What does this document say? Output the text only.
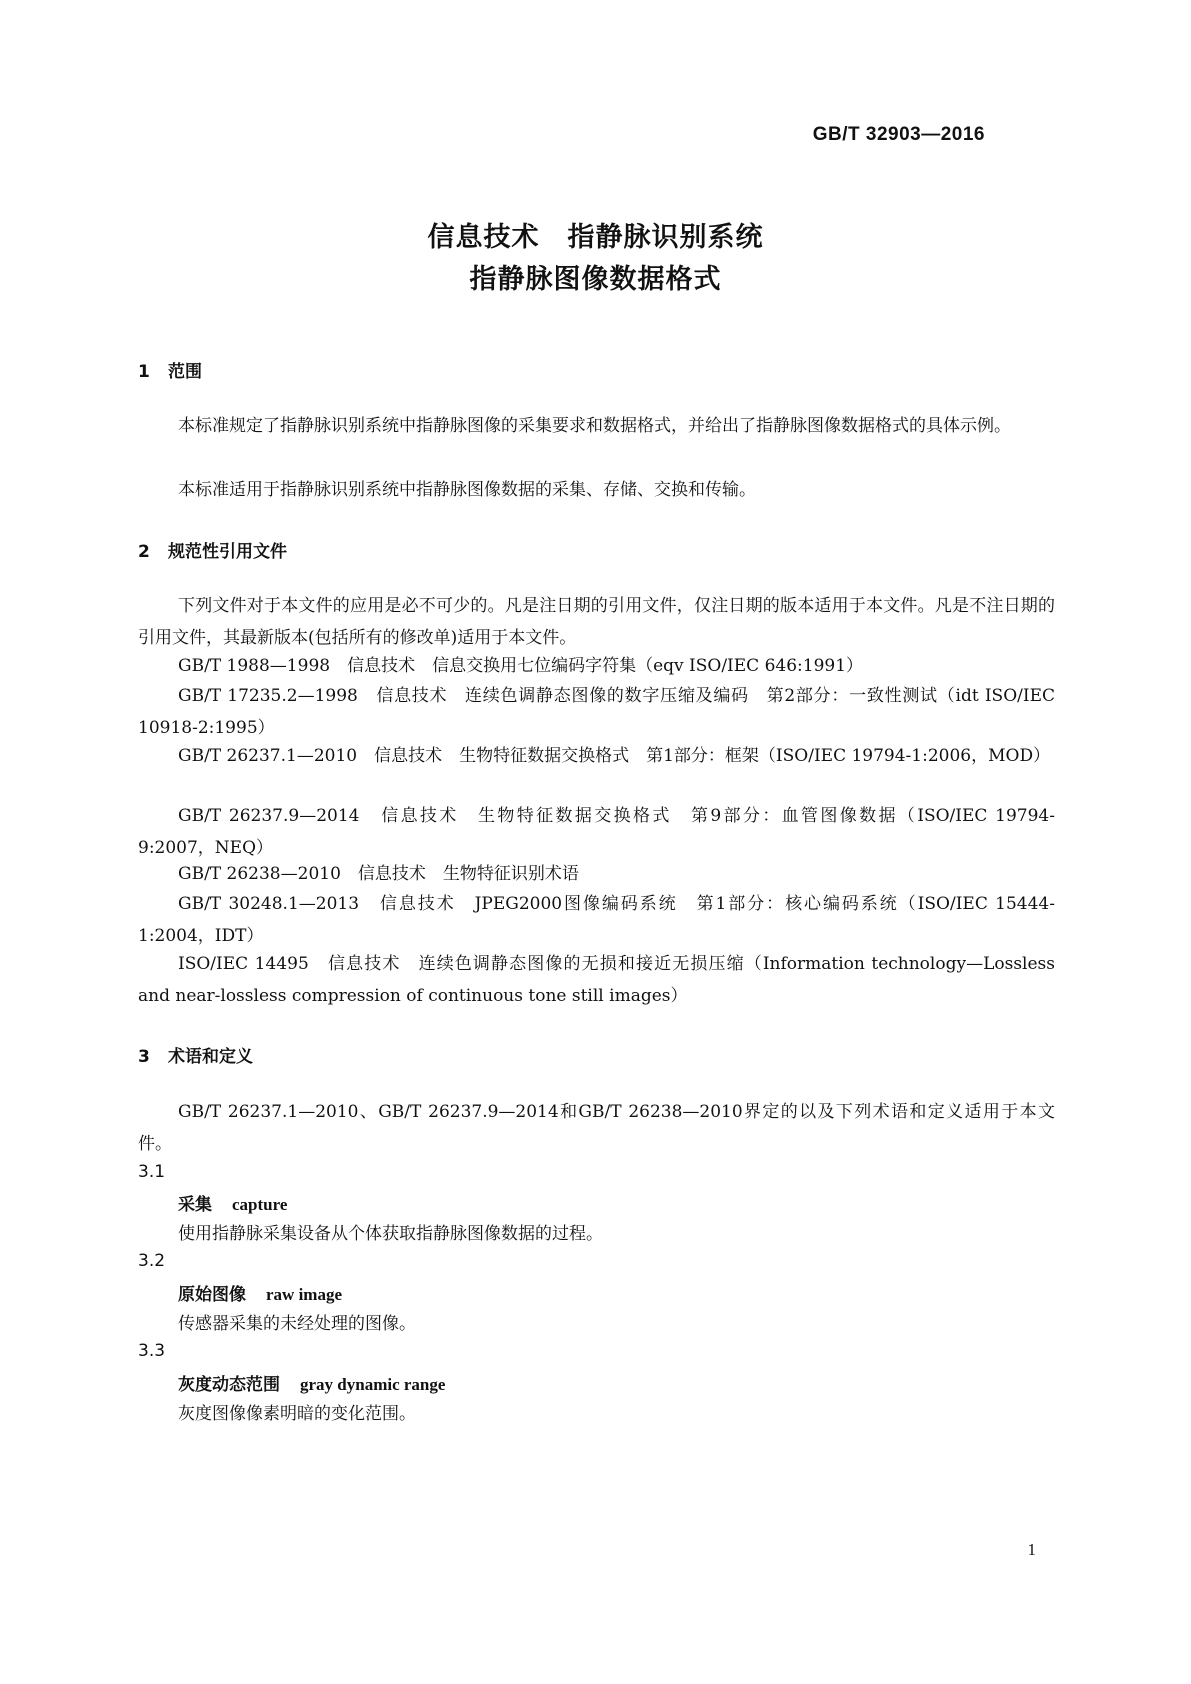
GB/T 32903—2016
信息技术　指静脉识别系统
指静脉图像数据格式
1 范围
本标准规定了指静脉识别系统中指静脉图像的采集要求和数据格式，并给出了指静脉图像数据格式的具体示例。
本标准适用于指静脉识别系统中指静脉图像数据的采集、存储、交换和传输。
2 规范性引用文件
下列文件对于本文件的应用是必不可少的。凡是注日期的引用文件，仅注日期的版本适用于本文件。凡是不注日期的引用文件，其最新版本(包括所有的修改单)适用于本文件。
GB/T 1988—1998　信息技术　信息交换用七位编码字符集（eqv ISO/IEC 646:1991）
GB/T 17235.2—1998　信息技术　连续色调静态图像的数字压缩及编码　第2部分：一致性测试（idt ISO/IEC 10918-2:1995）
GB/T 26237.1—2010　信息技术　生物特征数据交换格式　第1部分：框架（ISO/IEC 19794-1:2006，MOD）
GB/T 26237.9—2014　信息技术　生物特征数据交换格式　第9部分：血管图像数据（ISO/IEC 19794-9:2007，NEQ）
GB/T 26238—2010　信息技术　生物特征识别术语
GB/T 30248.1—2013　信息技术　JPEG2000图像编码系统　第1部分：核心编码系统（ISO/IEC 15444-1:2004，IDT）
ISO/IEC 14495　信息技术　连续色调静态图像的无损和接近无损压缩（Information technology—Lossless and near-lossless compression of continuous tone still images）
3 术语和定义
GB/T 26237.1—2010、GB/T 26237.9—2014和GB/T 26238—2010界定的以及下列术语和定义适用于本文件。
3.1
采集 capture
使用指静脉采集设备从个体获取指静脉图像数据的过程。
3.2
原始图像 raw image
传感器采集的未经处理的图像。
3.3
灰度动态范围 gray dynamic range
灰度图像像素明暗的变化范围。
1
